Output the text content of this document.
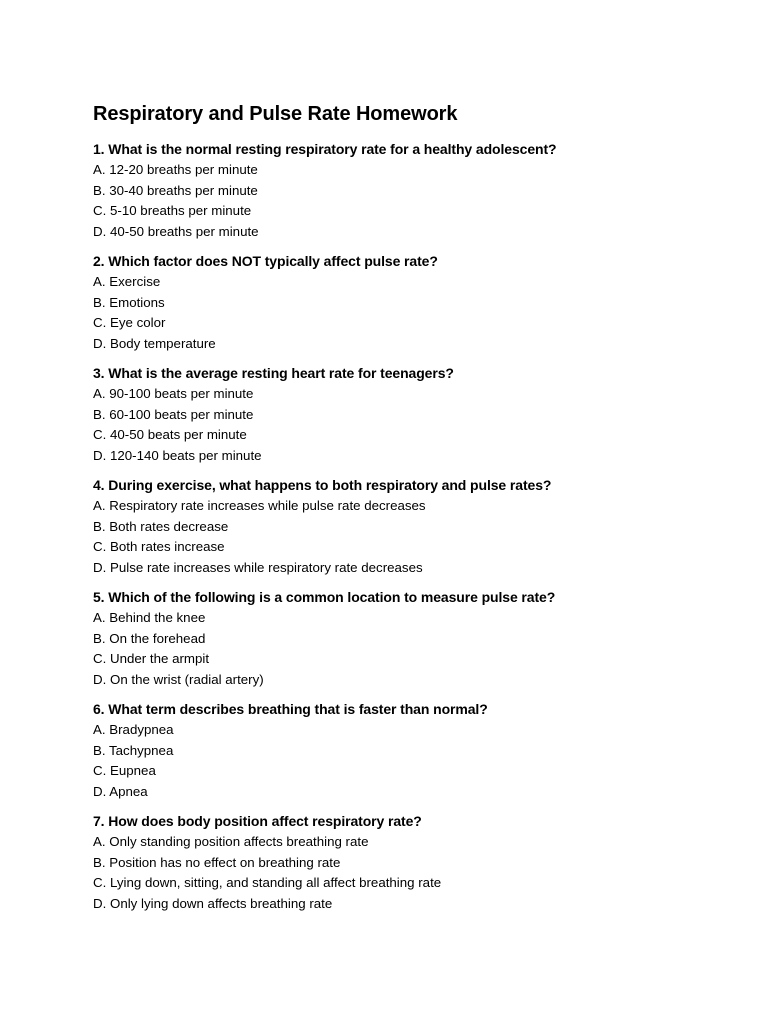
Respiratory and Pulse Rate Homework

1. What is the normal resting respiratory rate for a healthy adolescent?

A. 12-20 breaths per minute
B. 30-40 breaths per minute
C. 5-10 breaths per minute
D. 40-50 breaths per minute

2. Which factor does NOT typically affect pulse rate?

A. Exercise
B. Emotions
C. Eye color
D. Body temperature

3. What is the average resting heart rate for teenagers?

A. 90-100 beats per minute
B. 60-100 beats per minute
C. 40-50 beats per minute
D. 120-140 beats per minute

4. During exercise, what happens to both respiratory and pulse rates?

A. Respiratory rate increases while pulse rate decreases
B. Both rates decrease
C. Both rates increase
D. Pulse rate increases while respiratory rate decreases

5. Which of the following is a common location to measure pulse rate?

A. Behind the knee
B. On the forehead
C. Under the armpit
D. On the wrist (radial artery)

6. What term describes breathing that is faster than normal?

A. Bradypnea
B. Tachypnea
C. Eupnea
D. Apnea

7. How does body position affect respiratory rate?

A. Only standing position affects breathing rate
B. Position has no effect on breathing rate
C. Lying down, sitting, and standing all affect breathing rate
D. Only lying down affects breathing rate
